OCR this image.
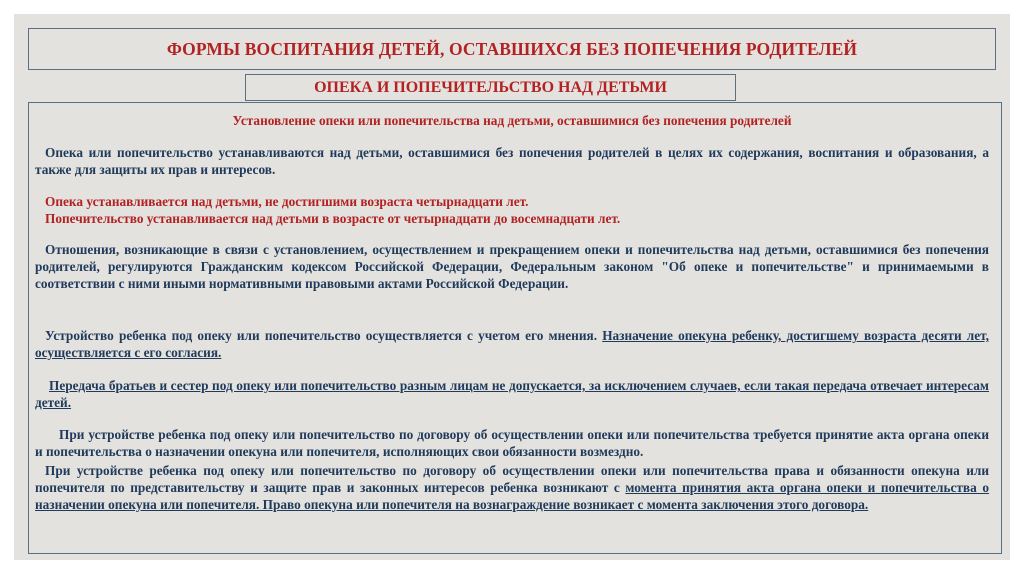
ФОРМЫ ВОСПИТАНИЯ ДЕТЕЙ, ОСТАВШИХСЯ БЕЗ ПОПЕЧЕНИЯ РОДИТЕЛЕЙ
ОПЕКА И ПОПЕЧИТЕЛЬСТВО НАД ДЕТЬМИ

Установление опеки или попечительства над детьми, оставшимися без попечения родителей

Опека или попечительство устанавливаются над детьми, оставшимися без попечения родителей в целях их содержания, воспитания и образования, а также для защиты их прав и интересов.

Опека устанавливается над детьми, не достигшими возраста четырнадцати лет.

Попечительство устанавливается над детьми в возрасте от четырнадцати до восемнадцати лет.

Отношения, возникающие в связи с установлением, осуществлением и прекращением опеки и попечительства над детьми, оставшимися без попечения родителей, регулируются Гражданским кодексом Российской Федерации, Федеральным законом "Об опеке и попечительстве" и принимаемыми в соответствии с ними иными нормативными правовыми актами Российской Федерации.

Устройство ребенка под опеку или попечительство осуществляется с учетом его мнения. Назначение опекуна ребенку, достигшему возраста десяти лет, осуществляется с его согласия.

Передача братьев и сестер под опеку или попечительство разным лицам не допускается, за исключением случаев, если такая передача отвечает интересам детей.

При устройстве ребенка под опеку или попечительство по договору об осуществлении опеки или попечительства требуется принятие акта органа опеки и попечительства о назначении опекуна или попечителя, исполняющих свои обязанности возмездно.

При устройстве ребенка под опеку или попечительство по договору об осуществлении опеки или попечительства права и обязанности опекуна или попечителя по представительству и защите прав и законных интересов ребенка возникают с момента принятия акта органа опеки и попечительства о назначении опекуна или попечителя. Право опекуна или попечителя на вознаграждение возникает с момента заключения этого договора.
